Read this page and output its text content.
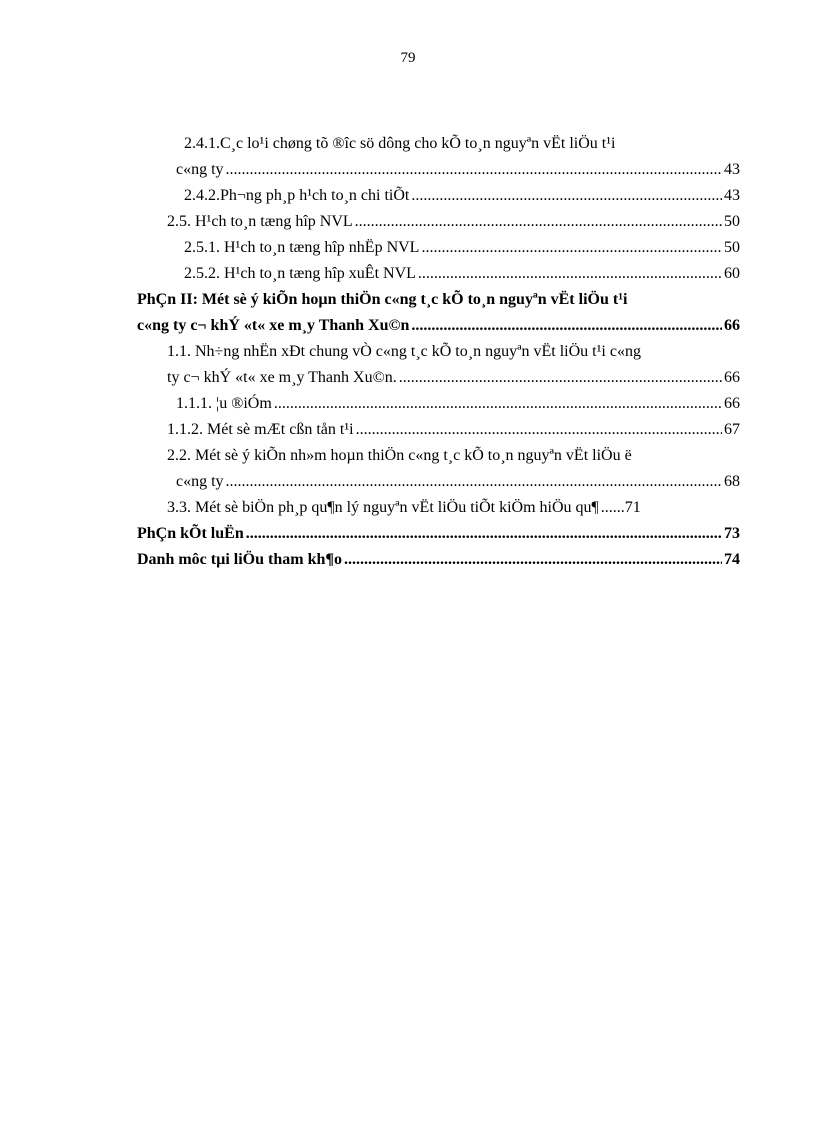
79
2.4.1.C¸c lo¹i chøng tõ ®îc sö dông cho kÕ to¸n nguyªn vËt liÖu t¹i
c«ng ty .....	43
2.4.2.Ph¬ng ph¸p h¹ch to¸n chi tiÕt .....	43
2.5. H¹ch to¸n tæng hîp NVL .....	50
2.5.1. H¹ch to¸n tæng hîp nhËp NVL .....	50
2.5.2. H¹ch to¸n tæng hîp xuÊt NVL .....	60
PhÇn II: Mét sè ý kiÕn hoµn thiÖn c«ng t¸c kÕ to¸n nguyªn vËt liÖu t¹i
c«ng ty c¬ khÝ «t« xe m¸y Thanh Xu©n .....	66
1.1. Nh÷ng nhËn xÐt chung vÒ c«ng t¸c kÕ to¸n nguyªn vËt liÖu t¹i c«ng
ty c¬ khÝ «t« xe m¸y Thanh Xu©n. .....	66
1.1.1. ¦u ®iÓm .....	66
1.1.2. Mét sè mÆt cßn tån t¹i .....	67
2.2. Mét sè ý kiÕn nh»m hoµn thiÖn c«ng t¸c kÕ to¸n nguyªn vËt liÖu ë
c«ng ty .....	68
3.3. Mét sè biÖn ph¸p qu¶n lý nguyªn vËt liÖu tiÕt kiÖm hiÖu qu¶ ...... 71
PhÇn kÕt luËn .....	73
Danh môc tµi liÖu tham kh¶o .....	74
